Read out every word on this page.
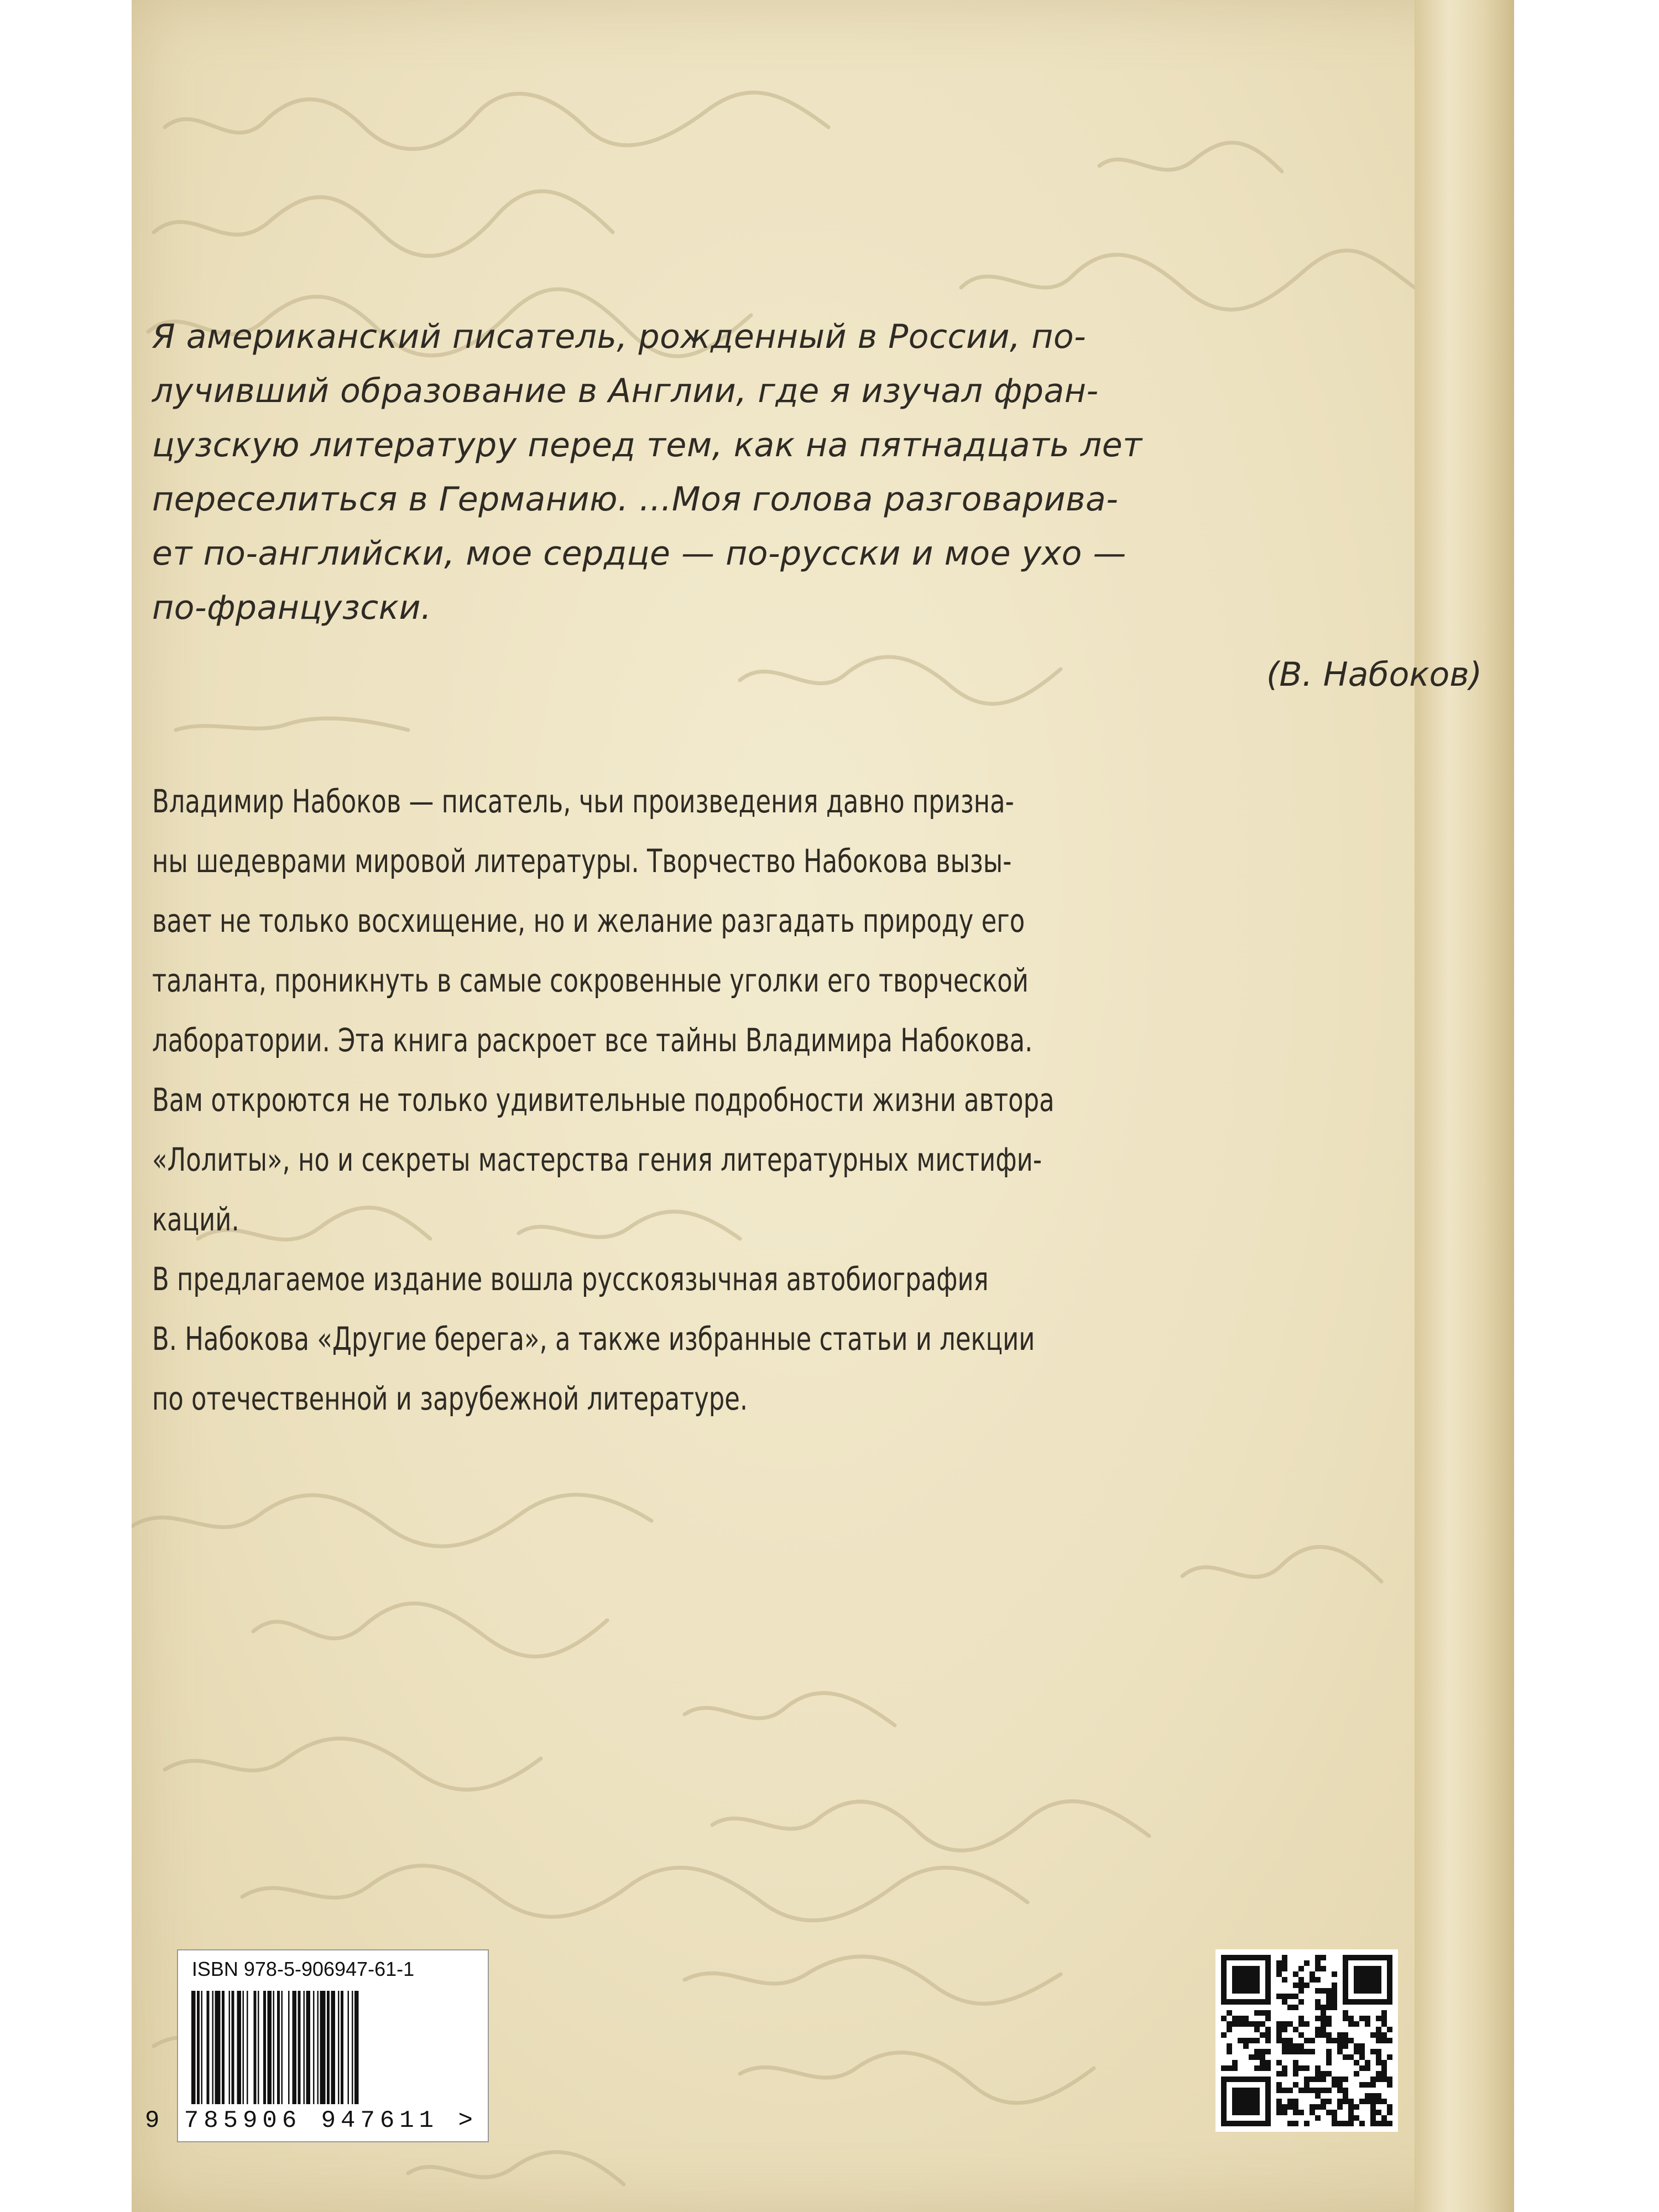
Я американский писатель, рожденный в России, по-
лучивший образование в Англии, где я изучал фран-
цузскую литературу перед тем, как на пятнадцать лет
переселиться в Германию. ...Моя голова разговарива-
ет по-английски, мое сердце — по-русски и мое ухо —
по-французски.
(В. Набоков)
Владимир Набоков — писатель, чьи произведения давно призна-
ны шедеврами мировой литературы. Творчество Набокова вызы-
вает не только восхищение, но и желание разгадать природу его
таланта, проникнуть в самые сокровенные уголки его творческой
лаборатории. Эта книга раскроет все тайны Владимира Набокова.
Вам откроются не только удивительные подробности жизни автора
«Лолиты», но и секреты мастерства гения литературных мистифи-
каций.
В предлагаемое издание вошла русскоязычная автобиография
В. Набокова «Другие берега», а также избранные статьи и лекции
по отечественной и зарубежной литературе.
ISBN 978-5-906947-61-1
9 785906 947611 >
